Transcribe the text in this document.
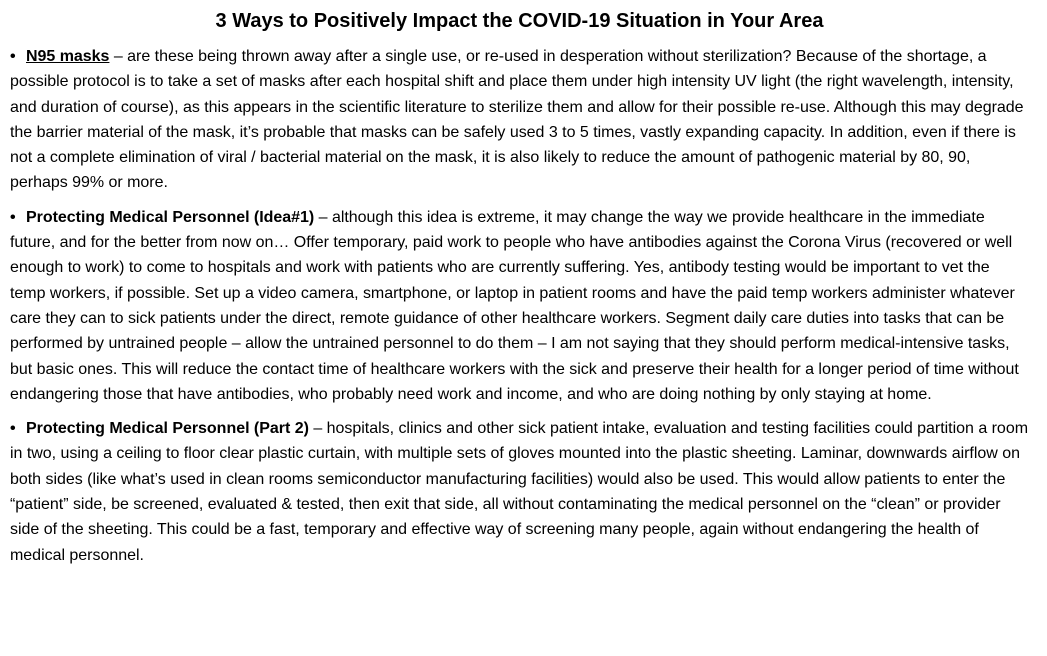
3 Ways to Positively Impact the COVID-19 Situation in Your Area

• N95 masks – are these being thrown away after a single use, or re-used in desperation without sterilization? Because of the shortage, a possible protocol is to take a set of masks after each hospital shift and place them under high intensity UV light (the right wavelength, intensity, and duration of course), as this appears in the scientific literature to sterilize them and allow for their possible re-use. Although this may degrade the barrier material of the mask, it’s probable that masks can be safely used 3 to 5 times, vastly expanding capacity. In addition, even if there is not a complete elimination of viral / bacterial material on the mask, it is also likely to reduce the amount of pathogenic material by 80, 90, perhaps 99% or more.

• Protecting Medical Personnel (Idea#1) – although this idea is extreme, it may change the way we provide healthcare in the immediate future, and for the better from now on… Offer temporary, paid work to people who have antibodies against the Corona Virus (recovered or well enough to work) to come to hospitals and work with patients who are currently suffering. Yes, antibody testing would be important to vet the temp workers, if possible. Set up a video camera, smartphone, or laptop in patient rooms and have the paid temp workers administer whatever care they can to sick patients under the direct, remote guidance of other healthcare workers. Segment daily care duties into tasks that can be performed by untrained people – allow the untrained personnel to do them – I am not saying that they should perform medical-intensive tasks, but basic ones. This will reduce the contact time of healthcare workers with the sick and preserve their health for a longer period of time without endangering those that have antibodies, who probably need work and income, and who are doing nothing by only staying at home.

• Protecting Medical Personnel (Part 2) – hospitals, clinics and other sick patient intake, evaluation and testing facilities could partition a room in two, using a ceiling to floor clear plastic curtain, with multiple sets of gloves mounted into the plastic sheeting. Laminar, downwards airflow on both sides (like what’s used in clean rooms semiconductor manufacturing facilities) would also be used. This would allow patients to enter the “patient” side, be screened, evaluated & tested, then exit that side, all without contaminating the medical personnel on the “clean” or provider side of the sheeting. This could be a fast, temporary and effective way of screening many people, again without endangering the health of medical personnel.
